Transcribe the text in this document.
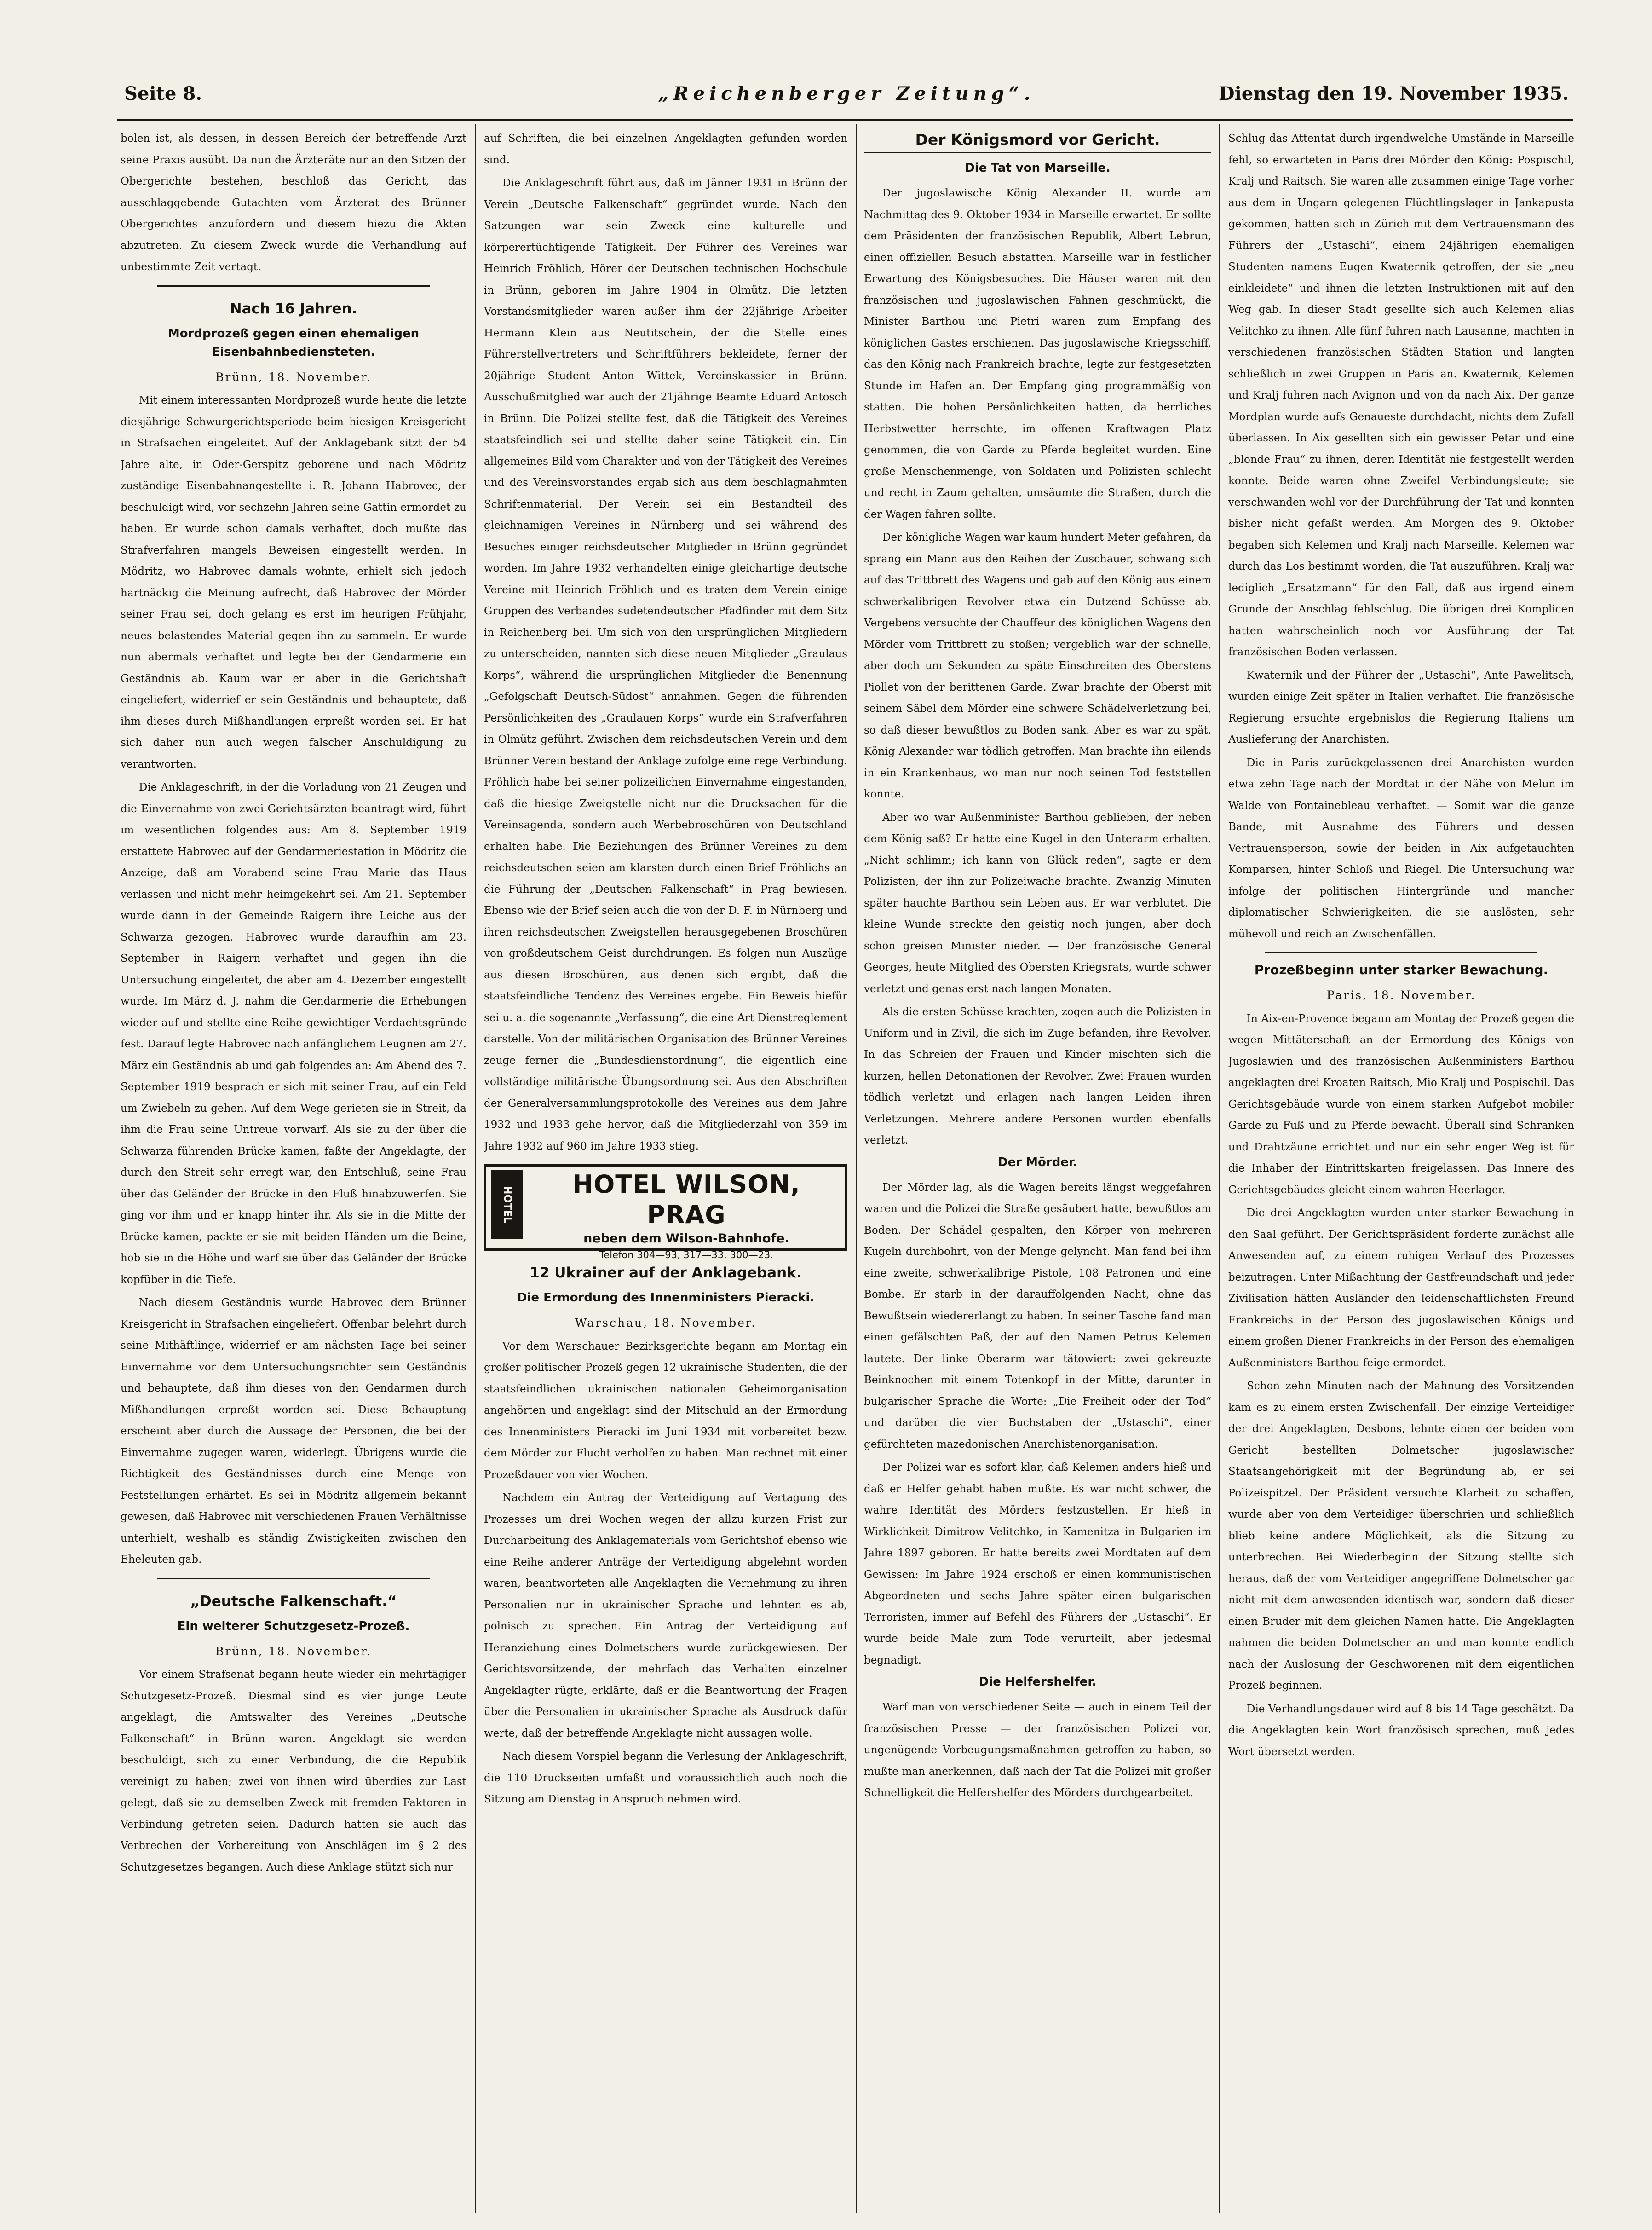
„Reichenberger Zeitung“.
Seite 8.	Dienstag den 19. November 1935.

bolen ist, als dessen, in dessen Bereich der betreffende Arzt seine Praxis ausübt. Da nun die Ärzteräte nur an den Sitzen der Obergerichte bestehen, beschloß das Gericht, das ausschlaggebende Gutachten vom Ärzterat des Brünner Obergerichtes anzufordern und diesem hiezu die Akten abzutreten. Zu diesem Zweck wurde die Verhandlung auf unbestimmte Zeit vertagt.

Nach 16 Jahren.
Mordprozeß gegen einen ehemaligen Eisenbahnbediensteten.

Brünn, 18. November.

Mit einem interessanten Mordprozeß wurde heute die letzte diesjährige Schwurgerichtsperiode beim hiesigen Kreisgericht in Strafsachen eingeleitet. Auf der Anklagebank sitzt der 54 Jahre alte, in Oder-Gerspitz geborene und nach Mödritz zuständige Eisenbahnangestellte i. R. Johann Habrovec, der beschuldigt wird, vor sechzehn Jahren seine Gattin ermordet zu haben. Er wurde schon damals verhaftet, doch mußte das Strafverfahren mangels Beweisen eingestellt werden. In Mödritz, wo Habrovec damals wohnte, erhielt sich jedoch hartnäckig die Meinung aufrecht, daß Habrovec der Mörder seiner Frau sei, doch gelang es erst im heurigen Frühjahr, neues belastendes Material gegen ihn zu sammeln. Er wurde nun abermals verhaftet und legte bei der Gendarmerie ein Geständnis ab. Kaum war er aber in die Gerichtshaft eingeliefert, widerrief er sein Geständnis und behauptete, daß ihm dieses durch Mißhandlungen erpreßt worden sei. Er hat sich daher nun auch wegen falscher Anschuldigung zu verantworten.

Die Anklageschrift, in der die Vorladung von 21 Zeugen und die Einvernahme von zwei Gerichtsärzten beantragt wird, führt im wesentlichen folgendes aus: Am 8. September 1919 erstattete Habrovec auf der Gendarmeriestation in Mödritz die Anzeige, daß am Vorabend seine Frau Marie das Haus verlassen und nicht mehr heimgekehrt sei. Am 21. September wurde dann in der Gemeinde Raigern ihre Leiche aus der Schwarza gezogen. Habrovec wurde daraufhin am 23. September in Raigern verhaftet und gegen ihn die Untersuchung eingeleitet, die aber am 4. Dezember eingestellt wurde. Im März d. J. nahm die Gendarmerie die Erhebungen wieder auf und stellte eine Reihe gewichtiger Verdachtsgründe fest. Darauf legte Habrovec nach anfänglichem Leugnen am 27. März ein Geständnis ab und gab folgendes an: Am Abend des 7. September 1919 besprach er sich mit seiner Frau, auf ein Feld um Zwiebeln zu gehen. Auf dem Wege gerieten sie in Streit, da ihm die Frau seine Untreue vorwarf. Als sie zu der über die Schwarza führenden Brücke kamen, faßte der Angeklagte, der durch den Streit sehr erregt war, den Entschluß, seine Frau über das Geländer der Brücke in den Fluß hinabzuwerfen. Sie ging vor ihm und er knapp hinter ihr. Als sie in die Mitte der Brücke kamen, packte er sie mit beiden Händen um die Beine, hob sie in die Höhe und warf sie über das Geländer der Brücke kopfüber in die Tiefe.

Nach diesem Geständnis wurde Habrovec dem Brünner Kreisgericht in Strafsachen eingeliefert. Offenbar belehrt durch seine Mithäftlinge, widerrief er am nächsten Tage bei seiner Einvernahme vor dem Untersuchungsrichter sein Geständnis und behauptete, daß ihm dieses von den Gendarmen durch Mißhandlungen erpreßt worden sei. Diese Behauptung erscheint aber durch die Aussage der Personen, die bei der Einvernahme zugegen waren, widerlegt. Übrigens wurde die Richtigkeit des Geständnisses durch eine Menge von Feststellungen erhärtet. Es sei in Mödritz allgemein bekannt gewesen, daß Habrovec mit verschiedenen Frauen Verhältnisse unterhielt, weshalb es ständig Zwistigkeiten zwischen den Eheleuten gab.

„Deutsche Falkenschaft.“
Ein weiterer Schutzgesetz-Prozeß.

Brünn, 18. November.

Vor einem Strafsenat begann heute wieder ein mehrtägiger Schutzgesetz-Prozeß. Diesmal sind es vier junge Leute angeklagt, die Amtswalter des Vereines „Deutsche Falkenschaft“ in Brünn waren. Angeklagt sie werden beschuldigt, sich zu einer Verbindung, die die Republik vereinigt zu haben; zwei von ihnen wird überdies zur Last gelegt, daß sie zu demselben Zweck mit fremden Faktoren in Verbindung getreten seien. Dadurch hatten sie auch das Verbrechen der Vorbereitung von Anschlägen im § 2 des Schutzgesetzes begangen. Auch diese Anklage stützt sich nur

auf Schriften, die bei einzelnen Angeklagten gefunden worden sind.

Die Anklageschrift führt aus, daß im Jänner 1931 in Brünn der Verein „Deutsche Falkenschaft“ gegründet wurde. Nach den Satzungen war sein Zweck eine kulturelle und körperertüchtigende Tätigkeit. Der Führer des Vereines war Heinrich Fröhlich, Hörer der Deutschen technischen Hochschule in Brünn, geboren im Jahre 1904 in Olmütz. Die letzten Vorstandsmitglieder waren außer ihm der 22jährige Arbeiter Hermann Klein aus Neutitschein, der die Stelle eines Führerstellvertreters und Schriftführers bekleidete, ferner der 20jährige Student Anton Wittek, Vereinskassier in Brünn. Ausschußmitglied war auch der 21jährige Beamte Eduard Antosch in Brünn. Die Polizei stellte fest, daß die Tätigkeit des Vereines staatsfeindlich sei und stellte daher seine Tätigkeit ein. Ein allgemeines Bild vom Charakter und von der Tätigkeit des Vereines und des Vereinsvorstandes ergab sich aus dem beschlagnahmten Schriftenmaterial. Der Verein sei ein Bestandteil des gleichnamigen Vereines in Nürnberg und sei während des Besuches einiger reichsdeutscher Mitglieder in Brünn gegründet worden. Im Jahre 1932 verhandelten einige gleichartige deutsche Vereine mit Heinrich Fröhlich und es traten dem Verein einige Gruppen des Verbandes sudetendeutscher Pfadfinder mit dem Sitz in Reichenberg bei. Um sich von den ursprünglichen Mitgliedern zu unterscheiden, nannten sich diese neuen Mitglieder „Graulaus Korps“, während die ursprünglichen Mitglieder die Benennung „Gefolgschaft Deutsch-Südost“ annahmen. Gegen die führenden Persönlichkeiten des „Graulauen Korps“ wurde ein Strafverfahren in Olmütz geführt. Zwischen dem reichsdeutschen Verein und dem Brünner Verein bestand der Anklage zufolge eine rege Verbindung. Fröhlich habe bei seiner polizeilichen Einvernahme eingestanden, daß die hiesige Zweigstelle nicht nur die Drucksachen für die Vereinsagenda, sondern auch Werbebroschüren von Deutschland erhalten habe. Die Beziehungen des Brünner Vereines zu dem reichsdeutschen seien am klarsten durch einen Brief Fröhlichs an die Führung der „Deutschen Falkenschaft“ in Prag bewiesen. Ebenso wie der Brief seien auch die von der D. F. in Nürnberg und ihren reichsdeutschen Zweigstellen herausgegebenen Broschüren von großdeutschem Geist durchdrungen. Es folgen nun Auszüge aus diesen Broschüren, aus denen sich ergibt, daß die staatsfeindliche Tendenz des Vereines ergebe. Ein Beweis hiefür sei u. a. die sogenannte „Verfassung“, die eine Art Dienstreglement darstelle. Von der militärischen Organisation des Brünner Vereines zeuge ferner die „Bundesdienstordnung“, die eigentlich eine vollständige militärische Übungsordnung sei. Aus den Abschriften der Generalversammlungsprotokolle des Vereines aus dem Jahre 1932 und 1933 gehe hervor, daß die Mitgliederzahl von 359 im Jahre 1932 auf 960 im Jahre 1933 stieg.

HOTEL
HOTEL WILSON, PRAG
neben dem Wilson-Bahnhofe.
Telefon 304—93, 317—33, 300—23.
12 Ukrainer auf der Anklagebank.
Die Ermordung des Innenministers Pieracki.

Warschau, 18. November.

Vor dem Warschauer Bezirksgerichte begann am Montag ein großer politischer Prozeß gegen 12 ukrainische Studenten, die der staatsfeindlichen ukrainischen nationalen Geheimorganisation angehörten und angeklagt sind der Mitschuld an der Ermordung des Innenministers Pieracki im Juni 1934 mit vorbereitet bezw. dem Mörder zur Flucht verholfen zu haben. Man rechnet mit einer Prozeßdauer von vier Wochen.

Nachdem ein Antrag der Verteidigung auf Vertagung des Prozesses um drei Wochen wegen der allzu kurzen Frist zur Durcharbeitung des Anklagematerials vom Gerichtshof ebenso wie eine Reihe anderer Anträge der Verteidigung abgelehnt worden waren, beantworteten alle Angeklagten die Vernehmung zu ihren Personalien nur in ukrainischer Sprache und lehnten es ab, polnisch zu sprechen. Ein Antrag der Verteidigung auf Heranziehung eines Dolmetschers wurde zurückgewiesen. Der Gerichtsvorsitzende, der mehrfach das Verhalten einzelner Angeklagter rügte, erklärte, daß er die Beantwortung der Fragen über die Personalien in ukrainischer Sprache als Ausdruck dafür werte, daß der betreffende Angeklagte nicht aussagen wolle.

Nach diesem Vorspiel begann die Verlesung der Anklageschrift, die 110 Druckseiten umfaßt und voraussichtlich auch noch die Sitzung am Dienstag in Anspruch nehmen wird.

Der Königsmord vor Gericht.
Die Tat von Marseille.

Der jugoslawische König Alexander II. wurde am Nachmittag des 9. Oktober 1934 in Marseille erwartet. Er sollte dem Präsidenten der französischen Republik, Albert Lebrun, einen offiziellen Besuch abstatten. Marseille war in festlicher Erwartung des Königsbesuches. Die Häuser waren mit den französischen und jugoslawischen Fahnen geschmückt, die Minister Barthou und Pietri waren zum Empfang des königlichen Gastes erschienen. Das jugoslawische Kriegsschiff, das den König nach Frankreich brachte, legte zur festgesetzten Stunde im Hafen an. Der Empfang ging programmäßig von statten. Die hohen Persönlichkeiten hatten, da herrliches Herbstwetter herrschte, im offenen Kraftwagen Platz genommen, die von Garde zu Pferde begleitet wurden. Eine große Menschenmenge, von Soldaten und Polizisten schlecht und recht in Zaum gehalten, umsäumte die Straßen, durch die der Wagen fahren sollte.

Der königliche Wagen war kaum hundert Meter gefahren, da sprang ein Mann aus den Reihen der Zuschauer, schwang sich auf das Trittbrett des Wagens und gab auf den König aus einem schwerkalibrigen Revolver etwa ein Dutzend Schüsse ab. Vergebens versuchte der Chauffeur des königlichen Wagens den Mörder vom Trittbrett zu stoßen; vergeblich war der schnelle, aber doch um Sekunden zu späte Einschreiten des Oberstens Piollet von der berittenen Garde. Zwar brachte der Oberst mit seinem Säbel dem Mörder eine schwere Schädelverletzung bei, so daß dieser bewußtlos zu Boden sank. Aber es war zu spät. König Alexander war tödlich getroffen. Man brachte ihn eilends in ein Krankenhaus, wo man nur noch seinen Tod feststellen konnte.

Aber wo war Außenminister Barthou geblieben, der neben dem König saß? Er hatte eine Kugel in den Unterarm erhalten. „Nicht schlimm; ich kann von Glück reden“, sagte er dem Polizisten, der ihn zur Polizeiwache brachte. Zwanzig Minuten später hauchte Barthou sein Leben aus. Er war verblutet. Die kleine Wunde streckte den geistig noch jungen, aber doch schon greisen Minister nieder. — Der französische General Georges, heute Mitglied des Obersten Kriegsrats, wurde schwer verletzt und genas erst nach langen Monaten.

Als die ersten Schüsse krachten, zogen auch die Polizisten in Uniform und in Zivil, die sich im Zuge befanden, ihre Revolver. In das Schreien der Frauen und Kinder mischten sich die kurzen, hellen Detonationen der Revolver. Zwei Frauen wurden tödlich verletzt und erlagen nach langen Leiden ihren Verletzungen. Mehrere andere Personen wurden ebenfalls verletzt.

Der Mörder.

Der Mörder lag, als die Wagen bereits längst weggefahren waren und die Polizei die Straße gesäubert hatte, bewußtlos am Boden. Der Schädel gespalten, den Körper von mehreren Kugeln durchbohrt, von der Menge gelyncht. Man fand bei ihm eine zweite, schwerkalibrige Pistole, 108 Patronen und eine Bombe. Er starb in der darauffolgenden Nacht, ohne das Bewußtsein wiedererlangt zu haben. In seiner Tasche fand man einen gefälschten Paß, der auf den Namen Petrus Kelemen lautete. Der linke Oberarm war tätowiert: zwei gekreuzte Beinknochen mit einem Totenkopf in der Mitte, darunter in bulgarischer Sprache die Worte: „Die Freiheit oder der Tod“ und darüber die vier Buchstaben der „Ustaschi“, einer gefürchteten mazedonischen Anarchistenorganisation.

Der Polizei war es sofort klar, daß Kelemen anders hieß und daß er Helfer gehabt haben mußte. Es war nicht schwer, die wahre Identität des Mörders festzustellen. Er hieß in Wirklichkeit Dimitrow Velitchko, in Kamenitza in Bulgarien im Jahre 1897 geboren. Er hatte bereits zwei Mordtaten auf dem Gewissen: Im Jahre 1924 erschoß er einen kommunistischen Abgeordneten und sechs Jahre später einen bulgarischen Terroristen, immer auf Befehl des Führers der „Ustaschi“. Er wurde beide Male zum Tode verurteilt, aber jedesmal begnadigt.

Die Helfershelfer.

Warf man von verschiedener Seite — auch in einem Teil der französischen Presse — der französischen Polizei vor, ungenügende Vorbeugungsmaßnahmen getroffen zu haben, so mußte man anerkennen, daß nach der Tat die Polizei mit großer Schnelligkeit die Helfershelfer des Mörders durchgearbeitet.

Schlug das Attentat durch irgendwelche Umstände in Marseille fehl, so erwarteten in Paris drei Mörder den König: Pospischil, Kralj und Raitsch. Sie waren alle zusammen einige Tage vorher aus dem in Ungarn gelegenen Flüchtlingslager in Jankapusta gekommen, hatten sich in Zürich mit dem Vertrauensmann des Führers der „Ustaschi“, einem 24jährigen ehemaligen Studenten namens Eugen Kwaternik getroffen, der sie „neu einkleidete“ und ihnen die letzten Instruktionen mit auf den Weg gab. In dieser Stadt gesellte sich auch Kelemen alias Velitchko zu ihnen. Alle fünf fuhren nach Lausanne, machten in verschiedenen französischen Städten Station und langten schließlich in zwei Gruppen in Paris an. Kwaternik, Kelemen und Kralj fuhren nach Avignon und von da nach Aix. Der ganze Mordplan wurde aufs Genaueste durchdacht, nichts dem Zufall überlassen. In Aix gesellten sich ein gewisser Petar und eine „blonde Frau“ zu ihnen, deren Identität nie festgestellt werden konnte. Beide waren ohne Zweifel Verbindungsleute; sie verschwanden wohl vor der Durchführung der Tat und konnten bisher nicht gefaßt werden. Am Morgen des 9. Oktober begaben sich Kelemen und Kralj nach Marseille. Kelemen war durch das Los bestimmt worden, die Tat auszuführen. Kralj war lediglich „Ersatzmann“ für den Fall, daß aus irgend einem Grunde der Anschlag fehlschlug. Die übrigen drei Komplicen hatten wahrscheinlich noch vor Ausführung der Tat französischen Boden verlassen.

Kwaternik und der Führer der „Ustaschi“, Ante Pawelitsch, wurden einige Zeit später in Italien verhaftet. Die französische Regierung ersuchte ergebnislos die Regierung Italiens um Auslieferung der Anarchisten.

Die in Paris zurückgelassenen drei Anarchisten wurden etwa zehn Tage nach der Mordtat in der Nähe von Melun im Walde von Fontainebleau verhaftet. — Somit war die ganze Bande, mit Ausnahme des Führers und dessen Vertrauensperson, sowie der beiden in Aix aufgetauchten Komparsen, hinter Schloß und Riegel. Die Untersuchung war infolge der politischen Hintergründe und mancher diplomatischer Schwierigkeiten, die sie auslösten, sehr mühevoll und reich an Zwischenfällen.

Prozeßbeginn unter starker Bewachung.

Paris, 18. November.

In Aix-en-Provence begann am Montag der Prozeß gegen die wegen Mittäterschaft an der Ermordung des Königs von Jugoslawien und des französischen Außenministers Barthou angeklagten drei Kroaten Raitsch, Mio Kralj und Pospischil. Das Gerichtsgebäude wurde von einem starken Aufgebot mobiler Garde zu Fuß und zu Pferde bewacht. Überall sind Schranken und Drahtzäune errichtet und nur ein sehr enger Weg ist für die Inhaber der Eintrittskarten freigelassen. Das Innere des Gerichtsgebäudes gleicht einem wahren Heerlager.

Die drei Angeklagten wurden unter starker Bewachung in den Saal geführt. Der Gerichtspräsident forderte zunächst alle Anwesenden auf, zu einem ruhigen Verlauf des Prozesses beizutragen. Unter Mißachtung der Gastfreundschaft und jeder Zivilisation hätten Ausländer den leidenschaftlichsten Freund Frankreichs in der Person des jugoslawischen Königs und einem großen Diener Frankreichs in der Person des ehemaligen Außenministers Barthou feige ermordet.

Schon zehn Minuten nach der Mahnung des Vorsitzenden kam es zu einem ersten Zwischenfall. Der einzige Verteidiger der drei Angeklagten, Desbons, lehnte einen der beiden vom Gericht bestellten Dolmetscher jugoslawischer Staatsangehörigkeit mit der Begründung ab, er sei Polizeispitzel. Der Präsident versuchte Klarheit zu schaffen, wurde aber von dem Verteidiger überschrien und schließlich blieb keine andere Möglichkeit, als die Sitzung zu unterbrechen. Bei Wiederbeginn der Sitzung stellte sich heraus, daß der vom Verteidiger angegriffene Dolmetscher gar nicht mit dem anwesenden identisch war, sondern daß dieser einen Bruder mit dem gleichen Namen hatte. Die Angeklagten nahmen die beiden Dolmetscher an und man konnte endlich nach der Auslosung der Geschworenen mit dem eigentlichen Prozeß beginnen.

Die Verhandlungsdauer wird auf 8 bis 14 Tage geschätzt. Da die Angeklagten kein Wort französisch sprechen, muß jedes Wort übersetzt werden.
